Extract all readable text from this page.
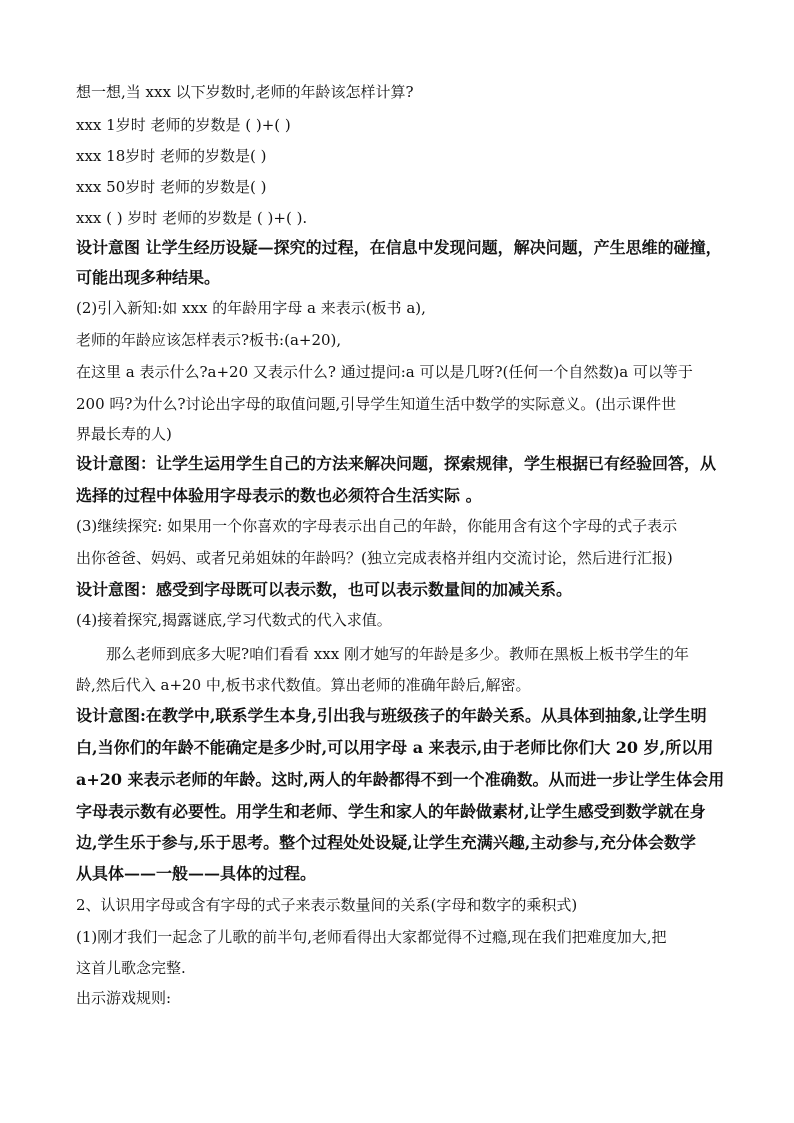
想一想,当 xxx 以下岁数时,老师的年龄该怎样计算?
xxx 1岁时 老师的岁数是 ( )+( )
xxx 18岁时 老师的岁数是( )
xxx 50岁时 老师的岁数是( )
xxx ( ) 岁时 老师的岁数是 ( )+( ).
设计意图 让学生经历设疑—探究的过程，在信息中发现问题，解决问题，产生思维的碰撞，
可能出现多种结果。
(2)引入新知:如 xxx 的年龄用字母 a 来表示(板书 a),
老师的年龄应该怎样表示?板书:(a+20),
在这里 a 表示什么?a+20 又表示什么? 通过提问:a 可以是几呀?(任何一个自然数)a 可以等于
200 吗?为什么?讨论出字母的取值问题,引导学生知道生活中数学的实际意义。(出示课件世
界最长寿的人)
设计意图：让学生运用学生自己的方法来解决问题，探索规律，学生根据已有经验回答，从
选择的过程中体验用字母表示的数也必须符合生活实际 。
(3)继续探究: 如果用一个你喜欢的字母表示出自己的年龄，你能用含有这个字母的式子表示
出你爸爸、妈妈、或者兄弟姐妹的年龄吗？(独立完成表格并组内交流讨论，然后进行汇报)
设计意图：感受到字母既可以表示数，也可以表示数量间的加减关系。
(4)接着探究,揭露谜底,学习代数式的代入求值。
那么老师到底多大呢?咱们看看 xxx 刚才她写的年龄是多少。教师在黑板上板书学生的年
龄,然后代入 a+20 中,板书求代数值。算出老师的准确年龄后,解密。
设计意图:在教学中,联系学生本身,引出我与班级孩子的年龄关系。从具体到抽象,让学生明
白,当你们的年龄不能确定是多少时,可以用字母 a 来表示,由于老师比你们大 20 岁,所以用
a+20 来表示老师的年龄。这时,两人的年龄都得不到一个准确数。从而进一步让学生体会用
字母表示数有必要性。用学生和老师、学生和家人的年龄做素材,让学生感受到数学就在身
边,学生乐于参与,乐于思考。整个过程处处设疑,让学生充满兴趣,主动参与,充分体会数学
从具体——一般——具体的过程。
2、认识用字母或含有字母的式子来表示数量间的关系(字母和数字的乘积式)
(1)刚才我们一起念了儿歌的前半句,老师看得出大家都觉得不过瘾,现在我们把难度加大,把
这首儿歌念完整.
出示游戏规则:
